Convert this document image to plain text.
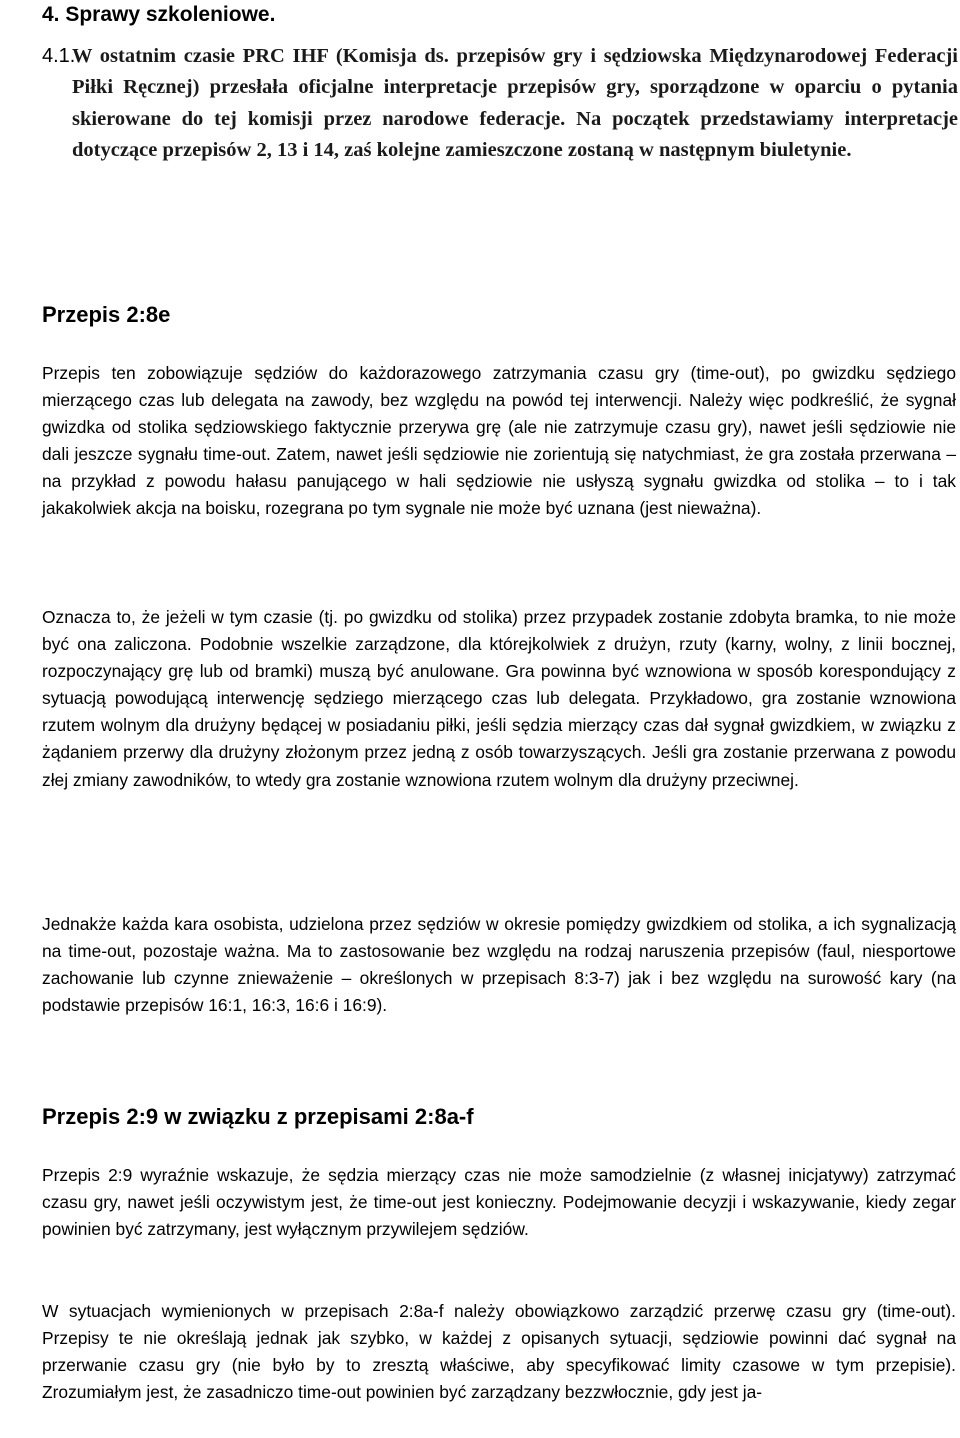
4. Sprawy szkoleniowe.
4.1.

W ostatnim czasie PRC IHF (Komisja ds. przepisów gry i sędziowska Międzynarodowej Federacji Piłki Ręcznej) przesłała oficjalne interpretacje przepisów gry, sporządzone w oparciu o pytania skierowane do tej komisji przez narodowe federacje. Na początek przedstawiamy interpretacje dotyczące przepisów 2, 13 i 14, zaś kolejne zamieszczone zostaną w następnym biuletynie.

Przepis 2:8e

Przepis ten zobowiązuje sędziów do każdorazowego zatrzymania czasu gry (time-out), po gwizdku sędziego mierzącego czas lub delegata na zawody, bez względu na powód tej interwencji. Należy więc podkreślić, że sygnał gwizdka od stolika sędziowskiego faktycznie przerywa grę (ale nie zatrzymuje czasu gry), nawet jeśli sędziowie nie dali jeszcze sygnału time-out. Zatem, nawet jeśli sędziowie nie zorientują się natychmiast, że gra została przerwana – na przykład z powodu hałasu panującego w hali sędziowie nie usłyszą sygnału gwizdka od stolika – to i tak jakakolwiek akcja na boisku, rozegrana po tym sygnale nie może być uznana (jest nieważna).

Oznacza to, że jeżeli w tym czasie (tj. po gwizdku od stolika) przez przypadek zostanie zdobyta bramka, to nie może być ona zaliczona. Podobnie wszelkie zarządzone, dla którejkolwiek z drużyn, rzuty (karny, wolny, z linii bocznej, rozpoczynający grę lub od bramki) muszą być anulowane. Gra powinna być wznowiona w sposób korespondujący z sytuacją powodującą interwencję sędziego mierzącego czas lub delegata. Przykładowo, gra zostanie wznowiona rzutem wolnym dla drużyny będącej w posiadaniu piłki, jeśli sędzia mierzący czas dał sygnał gwizdkiem, w związku z żądaniem przerwy dla drużyny złożonym przez jedną z osób towarzyszących. Jeśli gra zostanie przerwana z powodu złej zmiany zawodników, to wtedy gra zostanie wznowiona rzutem wolnym dla drużyny przeciwnej.

Jednakże każda kara osobista, udzielona przez sędziów w okresie pomiędzy gwizdkiem od stolika, a ich sygnalizacją na time-out, pozostaje ważna. Ma to zastosowanie bez względu na rodzaj naruszenia przepisów (faul, niesportowe zachowanie lub czynne znieważenie – określonych w przepisach 8:3-7) jak i bez względu na surowość kary (na podstawie przepisów 16:1, 16:3, 16:6 i 16:9).

Przepis 2:9 w związku z przepisami 2:8a-f

Przepis 2:9 wyraźnie wskazuje, że sędzia mierzący czas nie może samodzielnie (z własnej inicjatywy) zatrzymać czasu gry, nawet jeśli oczywistym jest, że time-out jest konieczny. Podejmowanie decyzji i wskazywanie, kiedy zegar powinien być zatrzymany, jest wyłącznym przywilejem sędziów.

W sytuacjach wymienionych w przepisach 2:8a-f należy obowiązkowo zarządzić przerwę czasu gry (time-out). Przepisy te nie określają jednak jak szybko, w każdej z opisanych sytuacji, sędziowie powinni dać sygnał na przerwanie czasu gry (nie było by to zresztą właściwe, aby specyfikować limity czasowe w tym przepisie). Zrozumiałym jest, że zasadniczo time-out powinien być zarządzany bezzwłocznie, gdy jest ja-
